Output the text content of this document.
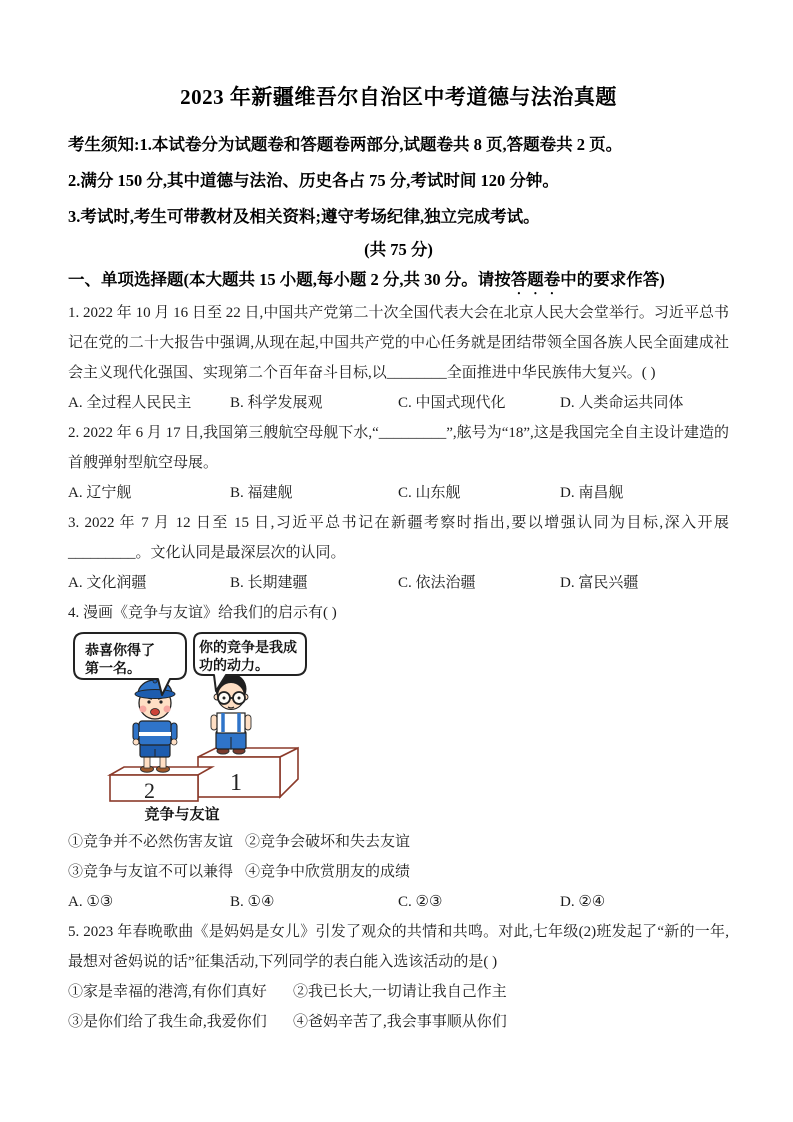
2023 年新疆维吾尔自治区中考道德与法治真题

考生须知:1.本试卷分为试题卷和答题卷两部分,试题卷共 8 页,答题卷共 2 页。

2.满分 150 分,其中道德与法治、历史各占 75 分,考试时间 120 分钟。

3.考试时,考生可带教材及相关资料;遵守考场纪律,独立完成考试。

(共 75 分)
一、单项选择题(本大题共 15 小题,每小题 2 分,共 30 分。请按答题卷中的要求作答)

1. 2022 年 10 月 16 日至 22 日,中国共产党第二十次全国代表大会在北京人民大会堂举行。习近平总书记在党的二十大报告中强调,从现在起,中国共产党的中心任务就是团结带领全国各族人民全面建成社会主义现代化强国、实现第二个百年奋斗目标,以________全面推进中华民族伟大复兴。( )

A. 全过程人民民主	B. 科学发展观	C. 中国式现代化	D. 人类命运共同体

2. 2022 年 6 月 17 日,我国第三艘航空母舰下水,“_________”,舷号为“18”,这是我国完全自主设计建造的首艘弹射型航空母展。

A. 辽宁舰	B. 福建舰	C. 山东舰	D. 南昌舰

3. 2022 年 7 月 12 日至 15 日,习近平总书记在新疆考察时指出,要以增强认同为目标,深入开展_________。文化认同是最深层次的认同。

A. 文化润疆	B. 长期建疆	C. 依法治疆	D. 富民兴疆

4. 漫画《竞争与友谊》给我们的启示有( )

恭喜你得了
第一名。
你的竞争是我成
功的动力。
2	1
竞争与友谊
①竞争并不必然伤害友谊 ②竞争会破坏和失去友谊
③竞争与友谊不可以兼得 ④竞争中欣赏朋友的成绩
A. ①③	B. ①④	C. ②③	D. ②④

5. 2023 年春晚歌曲《是妈妈是女儿》引发了观众的共情和共鸣。对此,七年级(2)班发起了“新的一年,最想对爸妈说的话”征集活动,下列同学的表白能入选该活动的是( )

①家是幸福的港湾,有你们真好	②我已长大,一切请让我自己作主
③是你们给了我生命,我爱你们	④爸妈辛苦了,我会事事顺从你们
